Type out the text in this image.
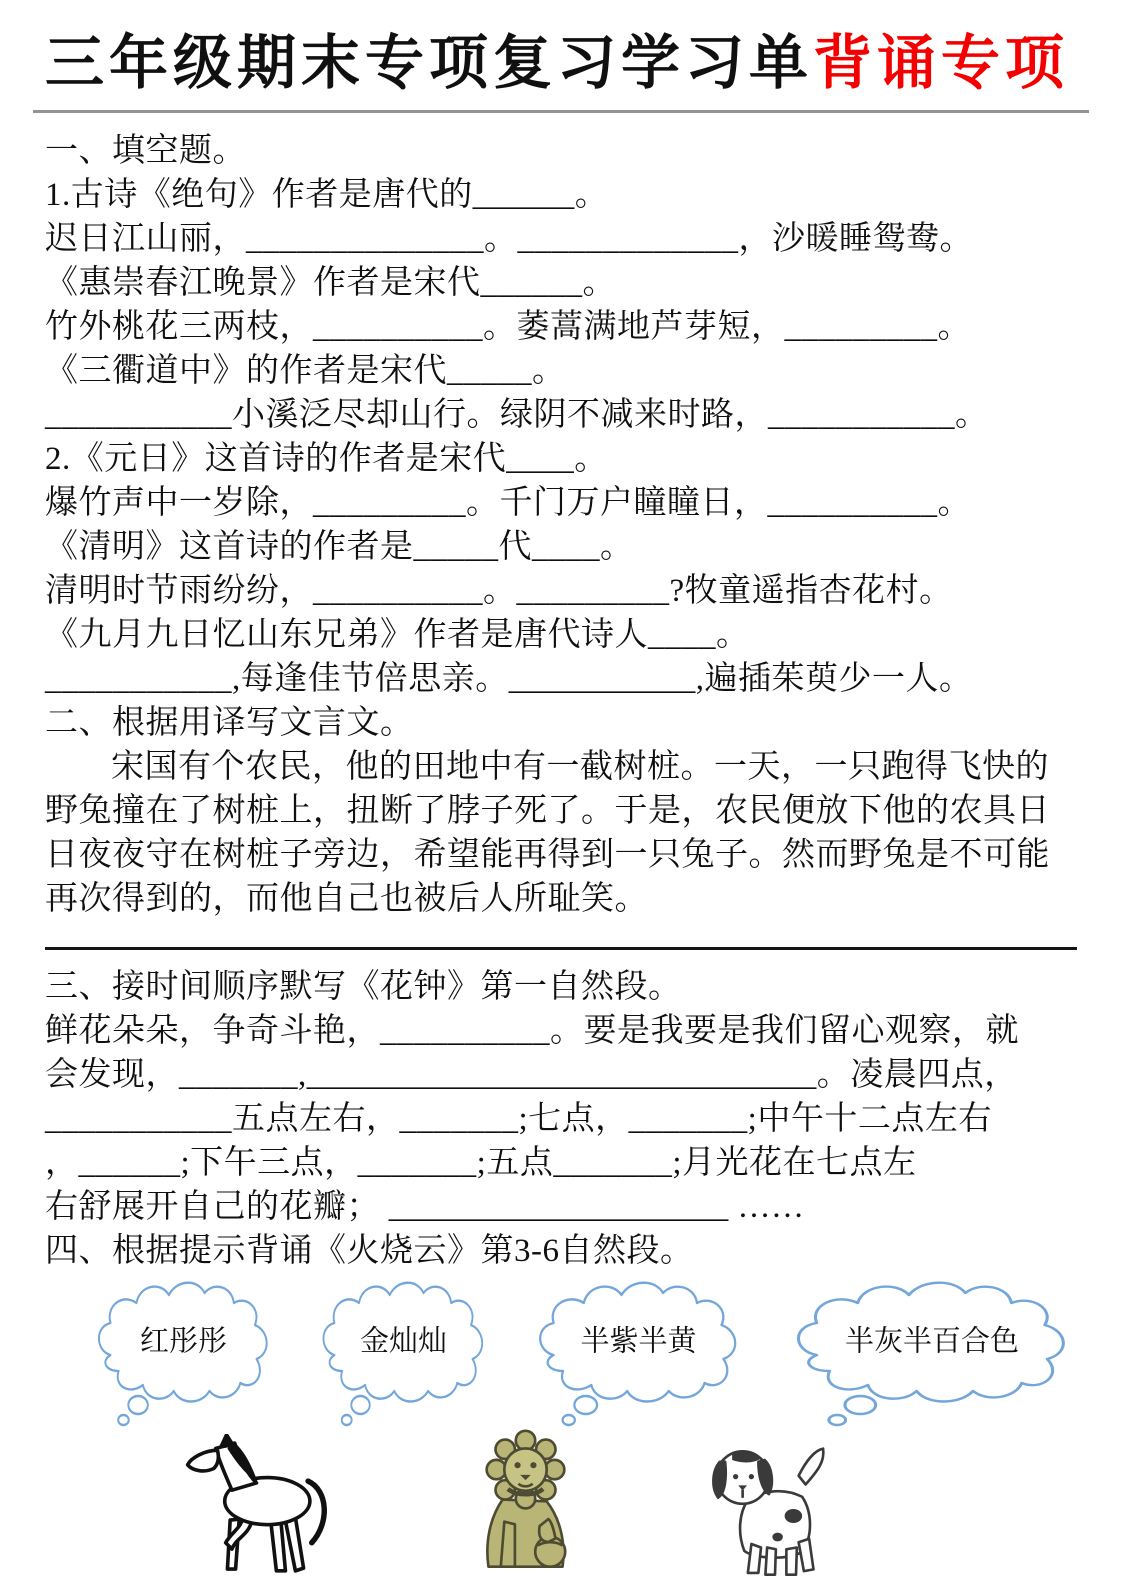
三年级期末专项复习学习单背诵专项
一、填空题。
1.古诗《绝句》作者是唐代的______。
迟日江山丽，______________。_____________，沙暖睡鸳鸯。
《惠崇春江晚景》作者是宋代______。
竹外桃花三两枝，__________。萎蒿满地芦芽短，_________。
《三衢道中》的作者是宋代_____。
___________小溪泛尽却山行。绿阴不减来时路，___________。
2.《元日》这首诗的作者是宋代____。
爆竹声中一岁除，_________。千门万户瞳瞳日，__________。
《清明》这首诗的作者是_____代____。
清明时节雨纷纷，__________。_________?牧童遥指杏花村。
《九月九日忆山东兄弟》作者是唐代诗人____。
___________,每逢佳节倍思亲。___________,遍插茱萸少一人。
二、根据用译写文言文。

宋国有个农民，他的田地中有一截树桩。一天，一只跑得飞快的野兔撞在了树桩上，扭断了脖子死了。于是，农民便放下他的农具日日夜夜守在树桩子旁边，希望能再得到一只兔子。然而野兔是不可能再次得到的，而他自己也被后人所耻笑。

三、接时间顺序默写《花钟》第一自然段。
鲜花朵朵，争奇斗艳，__________。要是我要是我们留心观察，就
会发现，_______,______________________________。凌晨四点，
___________五点左右，_______;七点，_______;中午十二点左右
，______;下午三点，_______;五点_______;月光花在七点左
右舒展开自己的花瓣； ____________________ ……
四、根据提示背诵《火烧云》第3-6自然段。
红彤彤	金灿灿	半紫半黄	半灰半百合色
